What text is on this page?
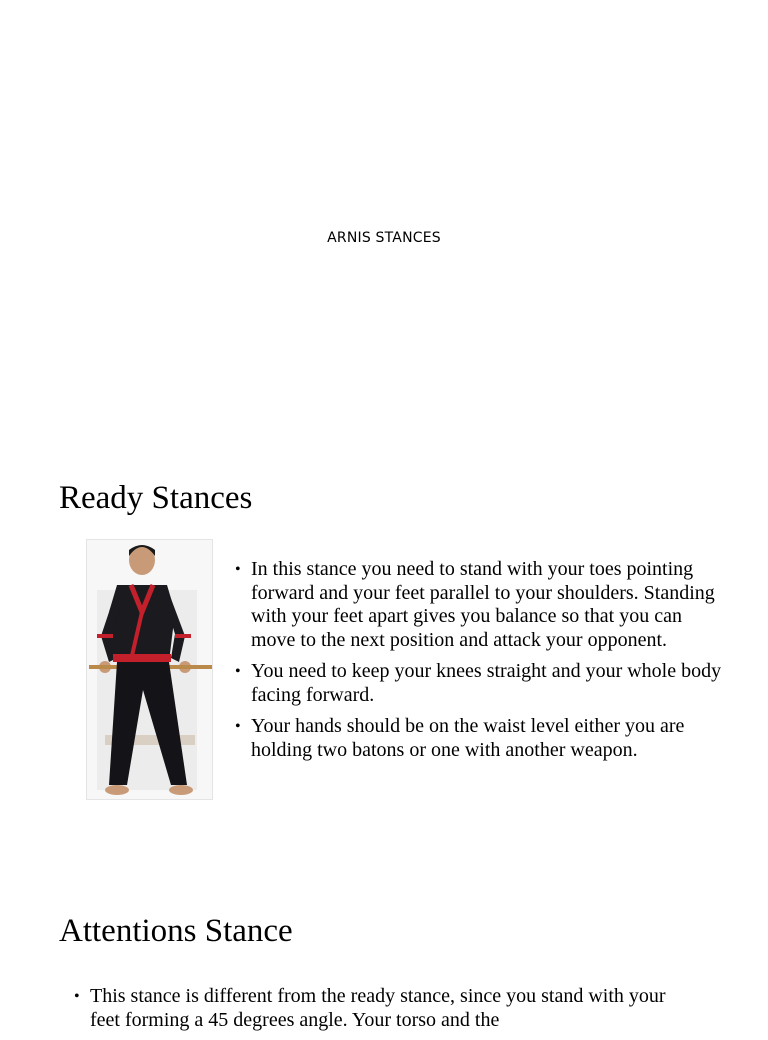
ARNIS STANCES
Ready Stances
• In this stance you need to stand with your toes pointing forward and your feet parallel to your shoulders. Standing with your feet apart gives you balance so that you can move to the next position and attack your opponent.
• You need to keep your knees straight and your whole body facing forward.
• Your hands should be on the waist level either you are holding two batons or one with another weapon.
Attentions Stance
• This stance is different from the ready stance, since you stand with your feet forming a 45 degrees angle. Your torso and the
